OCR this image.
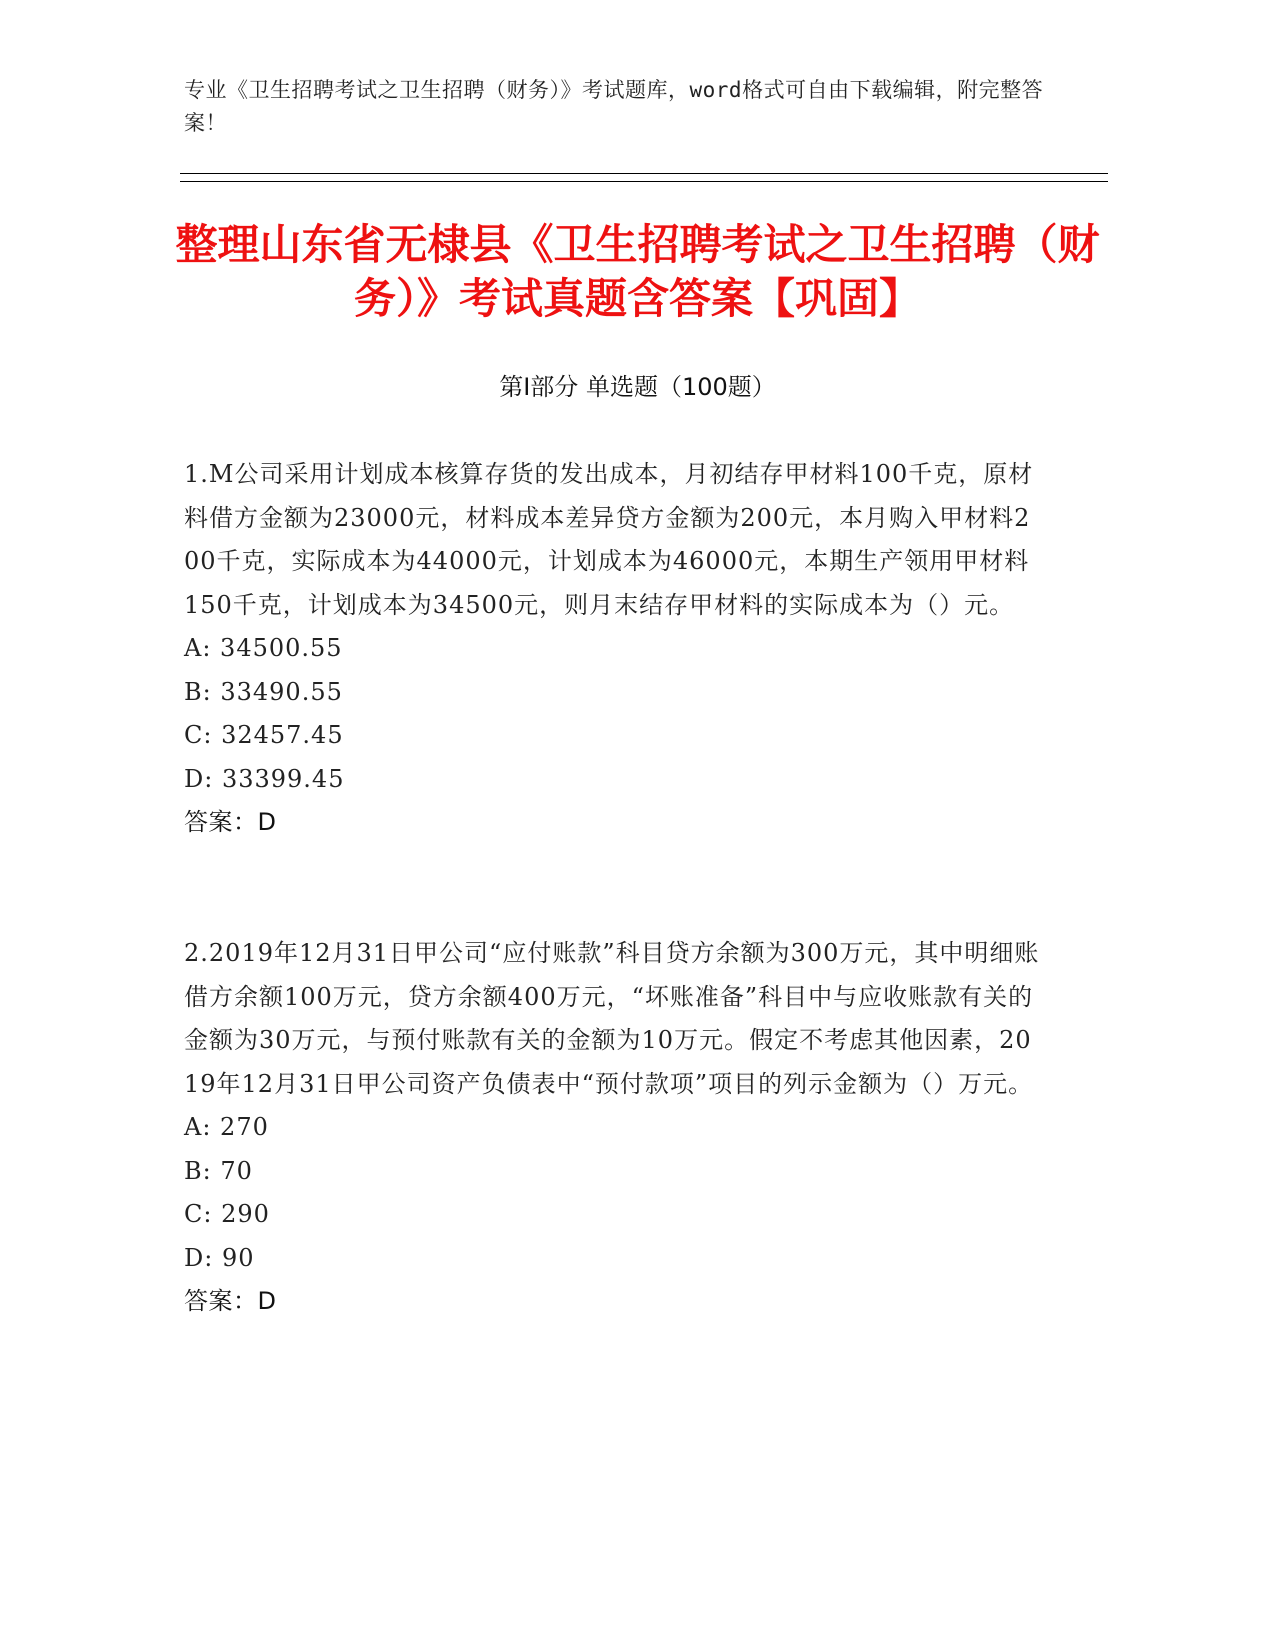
专业《卫生招聘考试之卫生招聘（财务）》考试题库，word格式可自由下载编辑，附完整答案！
整理山东省无棣县《卫生招聘考试之卫生招聘（财务）》考试真题含答案【巩固】
第Ⅰ部分 单选题（100题）

1.M公司采用计划成本核算存货的发出成本，月初结存甲材料100千克，原材料借方金额为23000元，材料成本差异贷方金额为200元，本月购入甲材料200千克，实际成本为44000元，计划成本为46000元，本期生产领用甲材料150千克，计划成本为34500元，则月末结存甲材料的实际成本为（）元。

A: 34500.55

B: 33490.55

C: 32457.45

D: 33399.45

答案：D

2.2019年12月31日甲公司“应付账款”科目贷方余额为300万元，其中明细账借方余额100万元，贷方余额400万元，“坏账准备”科目中与应收账款有关的金额为30万元，与预付账款有关的金额为10万元。假定不考虑其他因素，2019年12月31日甲公司资产负债表中“预付款项”项目的列示金额为（）万元。

A: 270

B: 70

C: 290

D: 90

答案：D
